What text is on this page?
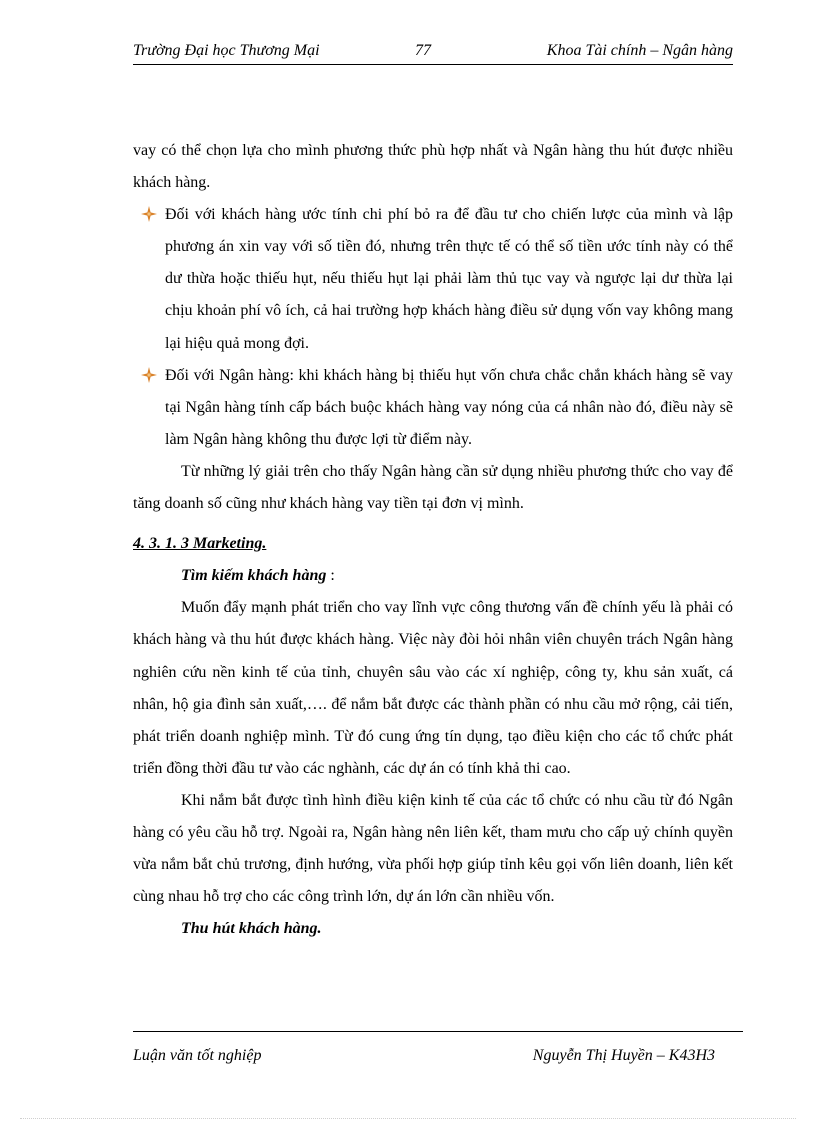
Trường Đại học Thương Mại	77	Khoa Tài chính – Ngân hàng

vay có thể chọn lựa cho mình phương thức phù hợp nhất và Ngân hàng thu hút được nhiều khách hàng.

Đối với khách hàng ước tính chi phí bỏ ra để đầu tư cho chiến lược của mình và lập phương án xin vay với số tiền đó, nhưng trên thực tế có thể số tiền ước tính này có thể dư thừa hoặc thiếu hụt, nếu thiếu hụt lại phải làm thủ tục vay và ngược lại dư thừa lại chịu khoản phí vô ích, cả hai trường hợp khách hàng điều sử dụng vốn vay không mang lại hiệu quả mong đợi.

Đối với Ngân hàng: khi khách hàng bị thiếu hụt vốn chưa chắc chắn khách hàng sẽ vay tại Ngân hàng tính cấp bách buộc khách hàng vay nóng của cá nhân nào đó, điều này sẽ làm Ngân hàng không thu được lợi từ điểm này.

Từ những lý giải trên cho thấy Ngân hàng cần sử dụng nhiều phương thức cho vay để tăng doanh số cũng như khách hàng vay tiền tại đơn vị mình.

4. 3. 1. 3 Marketing.

Tìm kiếm khách hàng :

Muốn đẩy mạnh phát triển cho vay lĩnh vực công thương vấn đề chính yếu là phải có khách hàng và thu hút được khách hàng. Việc này đòi hỏi nhân viên chuyên trách Ngân hàng nghiên cứu nền kinh tế của tỉnh, chuyên sâu vào các xí nghiệp, công ty, khu sản xuất, cá nhân, hộ gia đình sản xuất,…. để nắm bắt được các thành phần có nhu cầu mở rộng, cải tiến, phát triển doanh nghiệp mình. Từ đó cung ứng tín dụng, tạo điều kiện cho các tổ chức phát triển đồng thời đầu tư vào các nghành, các dự án có tính khả thi cao.

Khi nắm bắt được tình hình điều kiện kinh tế của các tổ chức có nhu cầu từ đó Ngân hàng có yêu cầu hỗ trợ. Ngoài ra, Ngân hàng nên liên kết, tham mưu cho cấp uỷ chính quyền vừa nắm bắt chủ trương, định hướng, vừa phối hợp giúp tỉnh kêu gọi vốn liên doanh, liên kết cùng nhau hỗ trợ cho các công trình lớn, dự án lớn cần nhiều vốn.

Thu hút khách hàng.

Luận văn tốt nghiệp	Nguyễn Thị Huyền – K43H3
